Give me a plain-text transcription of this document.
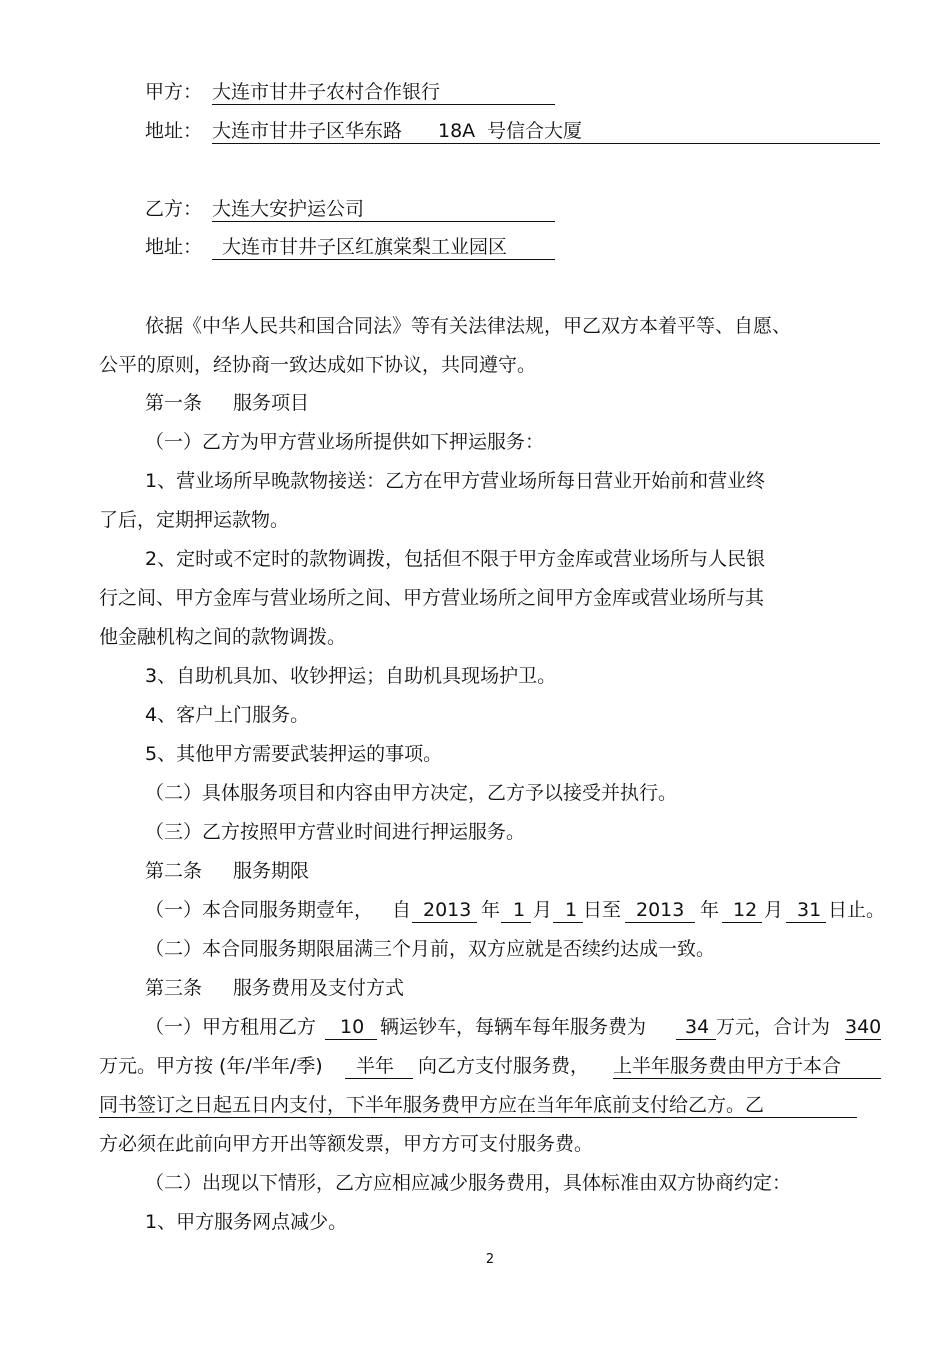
甲方： 大连市甘井子农村合作银行
地址： 大连市甘井子区华东路 18A 号信合大厦
乙方： 大连大安护运公司
地址： 大连市甘井子区红旗棠梨工业园区
依据《中华人民共和国合同法》等有关法律法规，甲乙双方本着平等、自愿、
公平的原则，经协商一致达成如下协议，共同遵守。
第一条 服务项目
（一）乙方为甲方营业场所提供如下押运服务：
1、营业场所早晚款物接送：乙方在甲方营业场所每日营业开始前和营业终
了后，定期押运款物。
2、定时或不定时的款物调拨，包括但不限于甲方金库或营业场所与人民银
行之间、甲方金库与营业场所之间、甲方营业场所之间甲方金库或营业场所与其
他金融机构之间的款物调拨。
3、自助机具加、收钞押运；自助机具现场护卫。
4、客户上门服务。
5、其他甲方需要武装押运的事项。
（二）具体服务项目和内容由甲方决定，乙方予以接受并执行。
（三）乙方按照甲方营业时间进行押运服务。
第二条 服务期限
（一）本合同服务期壹年， 自 2013 年 1 月 1 日至 2013 年 12 月 31 日止。
（二）本合同服务期限届满三个月前，双方应就是否续约达成一致。
第三条 服务费用及支付方式
（一）甲方租用乙方 10 辆运钞车，每辆车每年服务费为 34 万元，合计为 340
万元。甲方按 (年/半年/季) 半年 向乙方支付服务费， 上半年服务费由甲方于本合
同书签订之日起五日内支付，下半年服务费甲方应在当年年底前支付给乙方。乙
方必须在此前向甲方开出等额发票，甲方方可支付服务费。
（二）出现以下情形，乙方应相应减少服务费用，具体标准由双方协商约定：
1、甲方服务网点减少。
2
